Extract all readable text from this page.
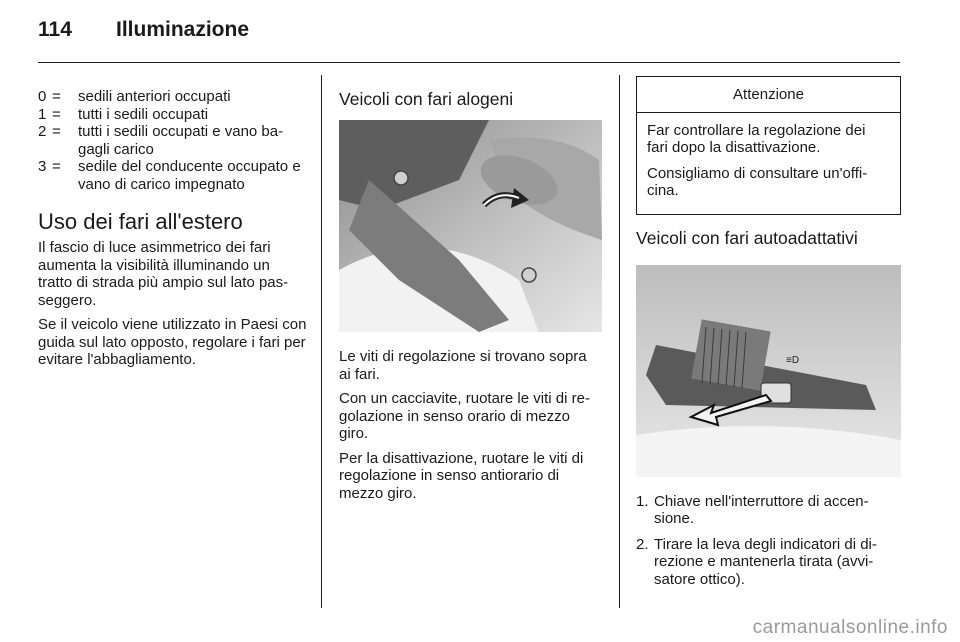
114 Illuminazione
0 =	sedili anteriori occupati
1 =	tutti i sedili occupati
2 =	tutti i sedili occupati e vano ba-gagli carico
3 =	sedile del conducente occupato e vano di carico impegnato
Uso dei fari all'estero

Il fascio di luce asimmetrico dei fari aumenta la visibilità illuminando un tratto di strada più ampio sul lato pas-seggero.

Se il veicolo viene utilizzato in Paesi con guida sul lato opposto, regolare i fari per evitare l'abbagliamento.

Veicoli con fari alogeni

Le viti di regolazione si trovano sopra ai fari.

Con un cacciavite, ruotare le viti di re-golazione in senso orario di mezzo giro.

Per la disattivazione, ruotare le viti di regolazione in senso antiorario di mezzo giro.

Attenzione

Far controllare la regolazione dei fari dopo la disattivazione.

Consigliamo di consultare un'offi-cina.

Veicoli con fari autoadattativi
≡D
1. Chiave nell'interruttore di accen-sione.
2. Tirare la leva degli indicatori di di-rezione e mantenerla tirata (avvi-satore ottico).
carmanualsonline.info
